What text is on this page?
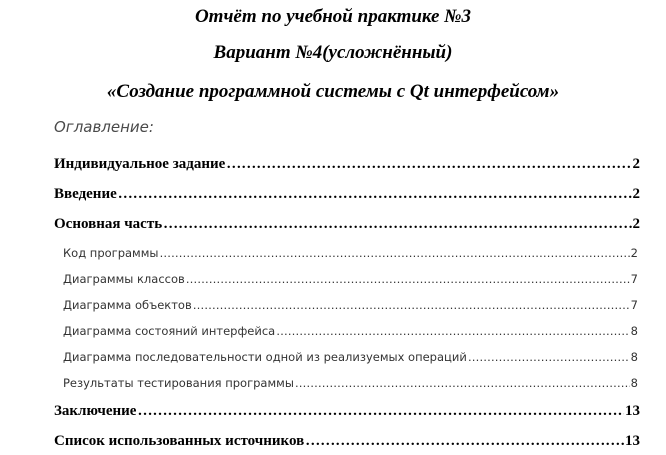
Отчёт по учебной практике №3
Вариант №4(усложнённый)
«Создание программной системы с Qt интерфейсом»
Оглавление:
Индивидуальное задание ………………………………………………………………………………………………………………………………………………………………………………………………………………………………	2
Введение ………………………………………………………………………………………………………………………………………………………………………………………………………………………………	2
Основная часть ………………………………………………………………………………………………………………………………………………………………………………………………………………………………	2
Код программы ………………………………………………………………………………………………………………………………………………………………………………………………………………………………	2
Диаграммы классов ………………………………………………………………………………………………………………………………………………………………………………………………………………………………	7
Диаграмма объектов ………………………………………………………………………………………………………………………………………………………………………………………………………………………………	7
Диаграмма состояний интерфейса ………………………………………………………………………………………………………………………………………………………………………………………………………………………………	8
Диаграмма последовательности одной из реализуемых операций ………………………………………………………………………………………………………………………………………………………………………………………………………………………………	8
Результаты тестирования программы ………………………………………………………………………………………………………………………………………………………………………………………………………………………………	8
Заключение ………………………………………………………………………………………………………………………………………………………………………………………………………………………………	13
Список использованных источников ………………………………………………………………………………………………………………………………………………………………………………………………………………………………	13
